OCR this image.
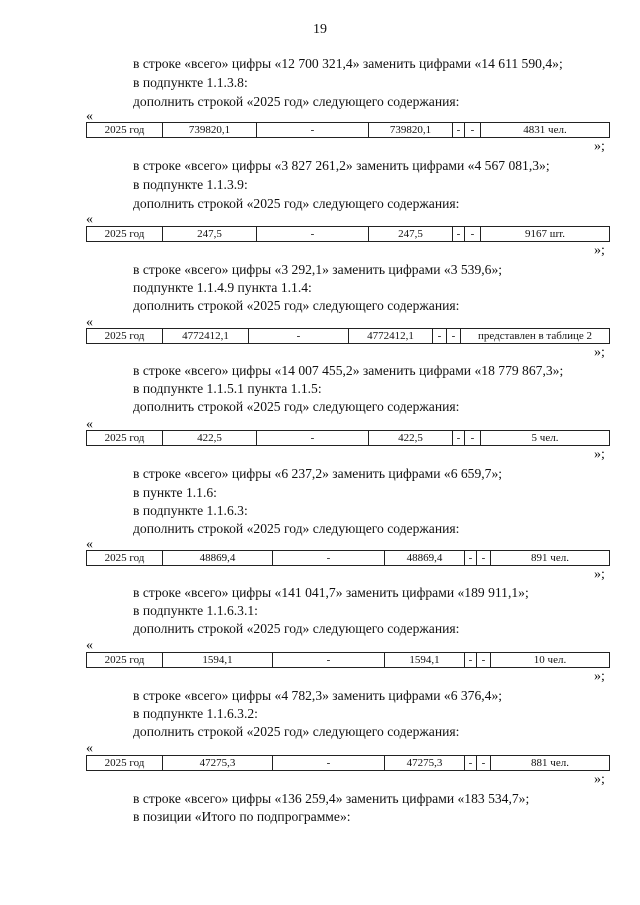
19
в строке «всего» цифры «12 700 321,4» заменить цифрами «14 611 590,4»;
в подпункте 1.1.3.8:
дополнить строкой «2025 год» следующего содержания:
«
2025 год	739820,1	-	739820,1	-	-	4831 чел.
»;
в строке «всего» цифры «3 827 261,2» заменить цифрами «4 567 081,3»;
в подпункте 1.1.3.9:
дополнить строкой «2025 год» следующего содержания:
«
2025 год	247,5	-	247,5	-	-	9167 шт.
»;
в строке «всего» цифры «3 292,1» заменить цифрами «3 539,6»;
подпункте 1.1.4.9 пункта 1.1.4:
дополнить строкой «2025 год» следующего содержания:
«
2025 год	4772412,1	-	4772412,1	-	-	представлен в таблице 2
»;
в строке «всего» цифры «14 007 455,2» заменить цифрами «18 779 867,3»;
в подпункте 1.1.5.1 пункта 1.1.5:
дополнить строкой «2025 год» следующего содержания:
«
2025 год	422,5	-	422,5	-	-	5 чел.
»;
в строке «всего» цифры «6 237,2» заменить цифрами «6 659,7»;
в пункте 1.1.6:
в подпункте 1.1.6.3:
дополнить строкой «2025 год» следующего содержания:
«
2025 год	48869,4	-	48869,4	-	-	891 чел.
»;
в строке «всего» цифры «141 041,7» заменить цифрами «189 911,1»;
в подпункте 1.1.6.3.1:
дополнить строкой «2025 год» следующего содержания:
«
2025 год	1594,1	-	1594,1	-	-	10 чел.
»;
в строке «всего» цифры «4 782,3» заменить цифрами «6 376,4»;
в подпункте 1.1.6.3.2:
дополнить строкой «2025 год» следующего содержания:
«
2025 год	47275,3	-	47275,3	-	-	881 чел.
»;
в строке «всего» цифры «136 259,4» заменить цифрами «183 534,7»;
в позиции «Итого по подпрограмме»:
